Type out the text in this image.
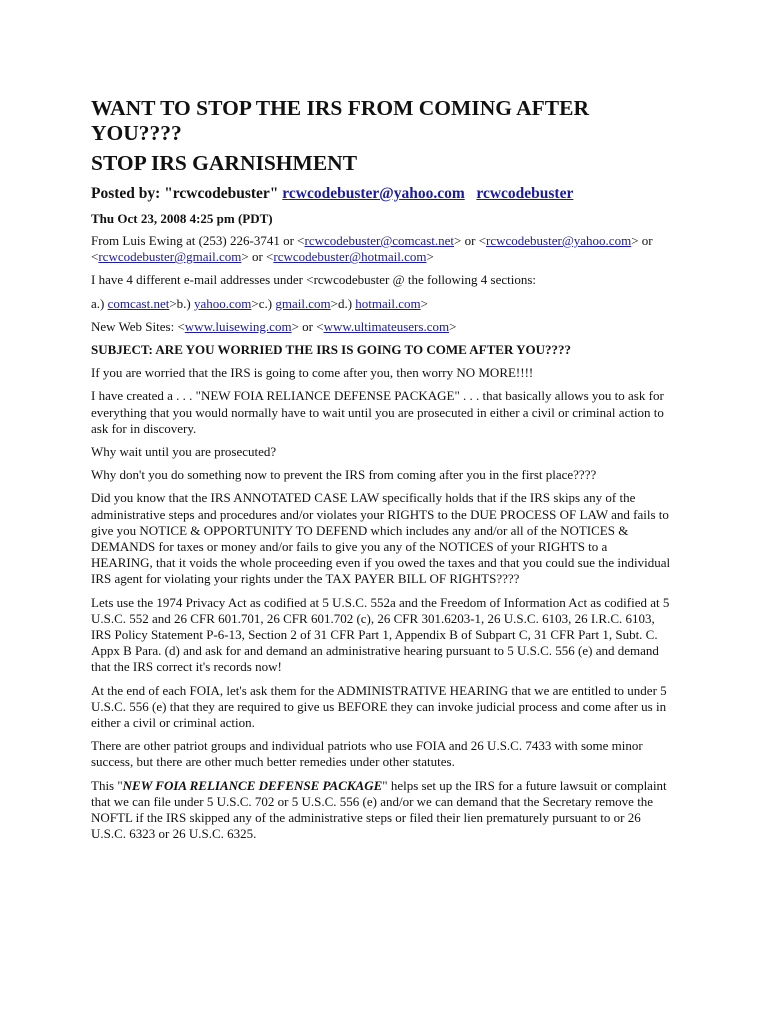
WANT TO STOP THE IRS FROM COMING AFTER YOU????
STOP IRS GARNISHMENT
Posted by: "rcwcodebuster" rcwcodebuster@yahoo.com rcwcodebuster
Thu Oct 23, 2008 4:25 pm (PDT)

From Luis Ewing at (253) 226-3741 or <rcwcodebuster@comcast.net> or <rcwcodebuster@yahoo.com> or <rcwcodebuster@gmail.com> or <rcwcodebuster@hotmail.com>

I have 4 different e-mail addresses under <rcwcodebuster @ the following 4 sections:

a.) comcast.net>b.) yahoo.com>c.) gmail.com>d.) hotmail.com>

New Web Sites: <www.luisewing.com> or <www.ultimateusers.com>

SUBJECT: ARE YOU WORRIED THE IRS IS GOING TO COME AFTER YOU????

If you are worried that the IRS is going to come after you, then worry NO MORE!!!!

I have created a . . . "NEW FOIA RELIANCE DEFENSE PACKAGE" . . . that basically allows you to ask for everything that you would normally have to wait until you are prosecuted in either a civil or criminal action to ask for in discovery.

Why wait until you are prosecuted?

Why don't you do something now to prevent the IRS from coming after you in the first place????

Did you know that the IRS ANNOTATED CASE LAW specifically holds that if the IRS skips any of the administrative steps and procedures and/or violates your RIGHTS to the DUE PROCESS OF LAW and fails to give you NOTICE & OPPORTUNITY TO DEFEND which includes any and/or all of the NOTICES & DEMANDS for taxes or money and/or fails to give you any of the NOTICES of your RIGHTS to a HEARING, that it voids the whole proceeding even if you owed the taxes and that you could sue the individual IRS agent for violating your rights under the TAX PAYER BILL OF RIGHTS????

Lets use the 1974 Privacy Act as codified at 5 U.S.C. 552a and the Freedom of Information Act as codified at 5 U.S.C. 552 and 26 CFR 601.701, 26 CFR 601.702 (c), 26 CFR 301.6203-1, 26 U.S.C. 6103, 26 I.R.C. 6103, IRS Policy Statement P-6-13, Section 2 of 31 CFR Part 1, Appendix B of Subpart C, 31 CFR Part 1, Subt. C. Appx B Para. (d) and ask for and demand an administrative hearing pursuant to 5 U.S.C. 556 (e) and demand that the IRS correct it's records now!

At the end of each FOIA, let's ask them for the ADMINISTRATIVE HEARING that we are entitled to under 5 U.S.C. 556 (e) that they are required to give us BEFORE they can invoke judicial process and come after us in either a civil or criminal action.

There are other patriot groups and individual patriots who use FOIA and 26 U.S.C. 7433 with some minor success, but there are other much better remedies under other statutes.

This "NEW FOIA RELIANCE DEFENSE PACKAGE" helps set up the IRS for a future lawsuit or complaint that we can file under 5 U.S.C. 702 or 5 U.S.C. 556 (e) and/or we can demand that the Secretary remove the NOFTL if the IRS skipped any of the administrative steps or filed their lien prematurely pursuant to or 26 U.S.C. 6323 or 26 U.S.C. 6325.
